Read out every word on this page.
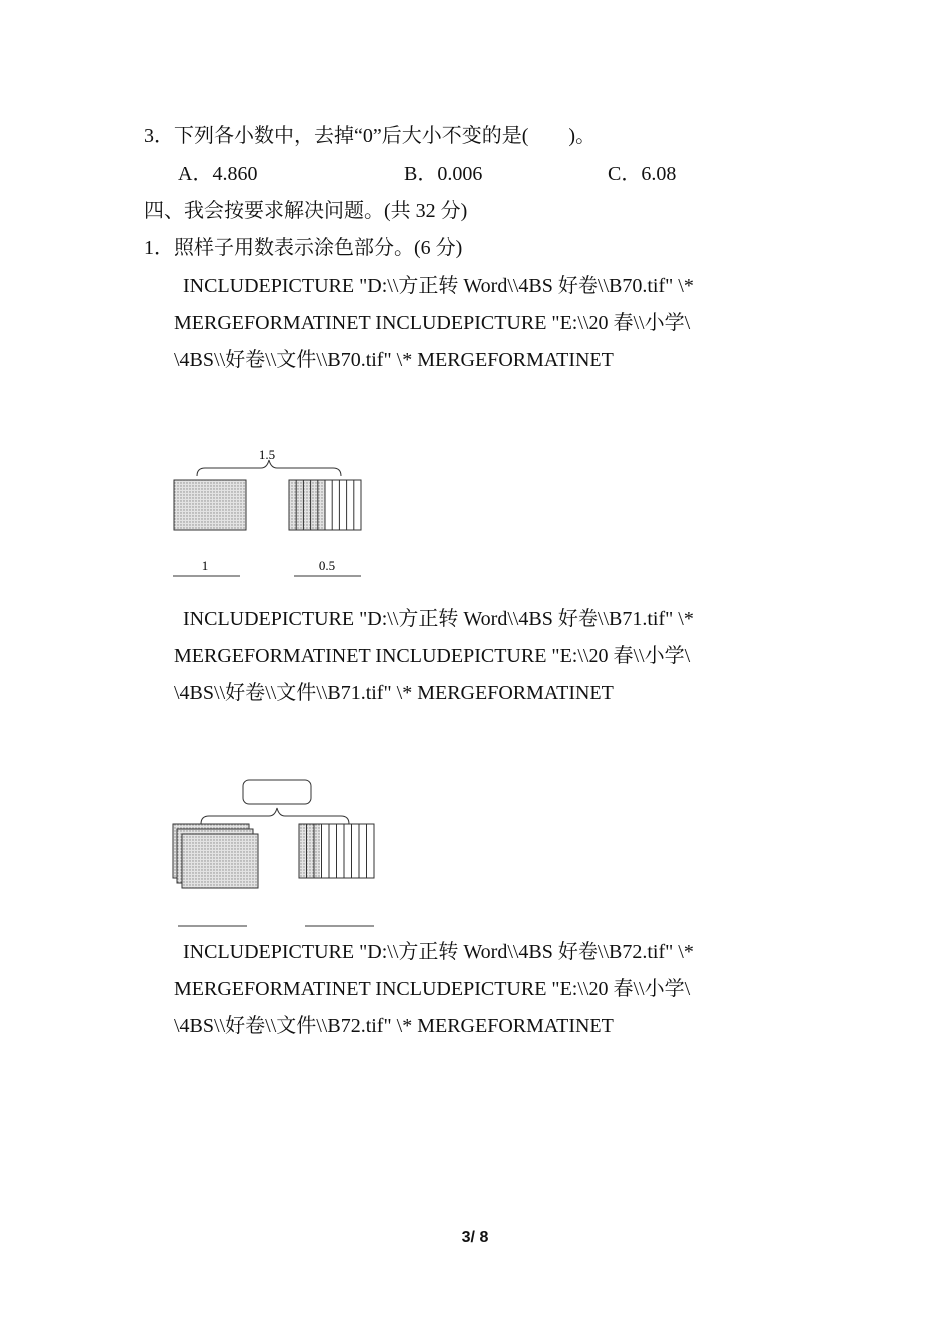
3．下列各小数中，去掉“0”后大小不变的是(　　)。
A．4.860	B．0.006	C．6.08
四、我会按要求解决问题。(共 32 分)
1．照样子用数表示涂色部分。(6 分)
INCLUDEPICTURE "D:\\方正转 Word\\4BS 好卷\\B70.tif" \*
MERGEFORMATINET INCLUDEPICTURE "E:\\20 春\\小学\
\4BS\\好卷\\文件\\B70.tif" \* MERGEFORMATINET
1.5
1	0.5
INCLUDEPICTURE "D:\\方正转 Word\\4BS 好卷\\B71.tif" \*
MERGEFORMATINET INCLUDEPICTURE "E:\\20 春\\小学\
\4BS\\好卷\\文件\\B71.tif" \* MERGEFORMATINET
INCLUDEPICTURE "D:\\方正转 Word\\4BS 好卷\\B72.tif" \*
MERGEFORMATINET INCLUDEPICTURE "E:\\20 春\\小学\
\4BS\\好卷\\文件\\B72.tif" \* MERGEFORMATINET
3/ 8
